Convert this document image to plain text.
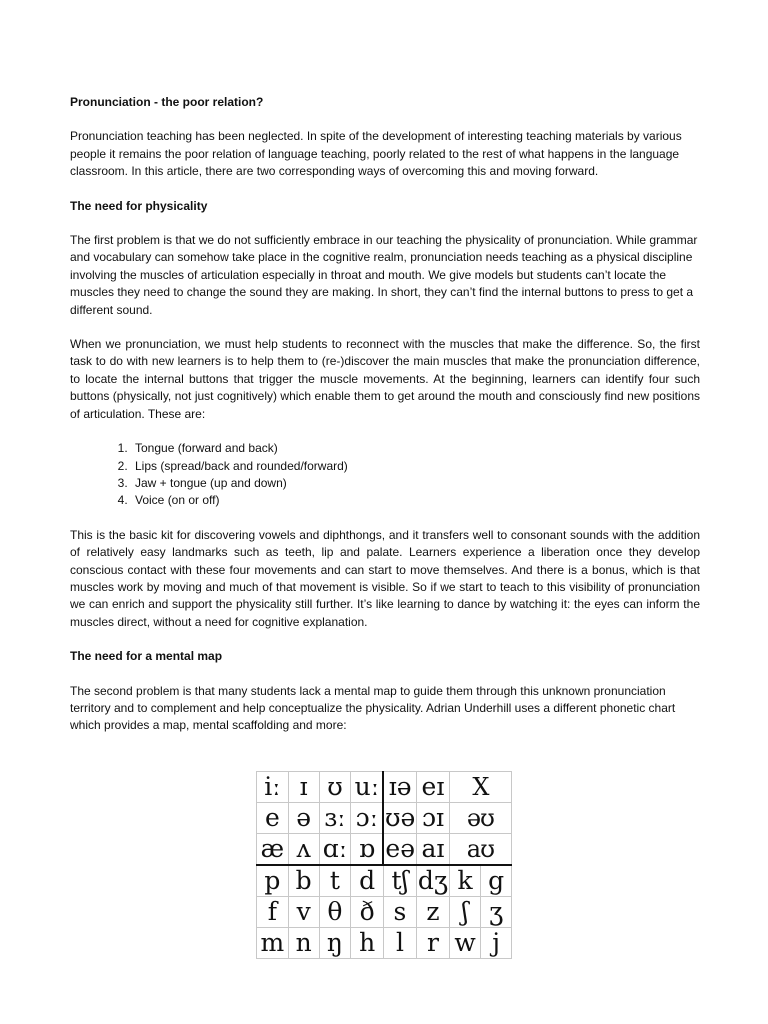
Pronunciation - the poor relation?

Pronunciation teaching has been neglected. In spite of the development of interesting teaching materials by various people it remains the poor relation of language teaching, poorly related to the rest of what happens in the language classroom. In this article, there are two corresponding ways of overcoming this and moving forward.

The need for physicality

The first problem is that we do not sufficiently embrace in our teaching the physicality of pronunciation. While grammar and vocabulary can somehow take place in the cognitive realm, pronunciation needs teaching as a physical discipline involving the muscles of articulation especially in throat and mouth. We give models but students can’t locate the muscles they need to change the sound they are making. In short, they can’t find the internal buttons to press to get a different sound.

When we pronunciation, we must help students to reconnect with the muscles that make the difference. So, the first task to do with new learners is to help them to (re-)discover the main muscles that make the pronunciation difference, to locate the internal buttons that trigger the muscle movements. At the beginning, learners can identify four such buttons (physically, not just cognitively) which enable them to get around the mouth and consciously find new positions of articulation. These are:

1. Tongue (forward and back)
2. Lips (spread/back and rounded/forward)
3. Jaw + tongue (up and down)
4. Voice (on or off)

This is the basic kit for discovering vowels and diphthongs, and it transfers well to consonant sounds with the addition of relatively easy landmarks such as teeth, lip and palate. Learners experience a liberation once they develop conscious contact with these four movements and can start to move themselves. And there is a bonus, which is that muscles work by moving and much of that movement is visible. So if we start to teach to this visibility of pronunciation we can enrich and support the physicality still further. It’s like learning to dance by watching it: the eyes can inform the muscles direct, without a need for cognitive explanation.

The need for a mental map

The second problem is that many students lack a mental map to guide them through this unknown pronunciation territory and to complement and help conceptualize the physicality. Adrian Underhill uses a different phonetic chart which provides a map, mental scaffolding and more:

iː	ɪ	ʊ	uː	ɪə	eɪ	X	
e	ə	ɜː	ɔː	ʊə	ɔɪ	əʊ	
æ	ʌ	ɑː	ɒ	eə	aɪ	aʊ	
p	b	t	d	tʃ	dʒ	k	g
f	v	θ	ð	s	z	ʃ	ʒ
m	n	ŋ	h	l	r	w	j
